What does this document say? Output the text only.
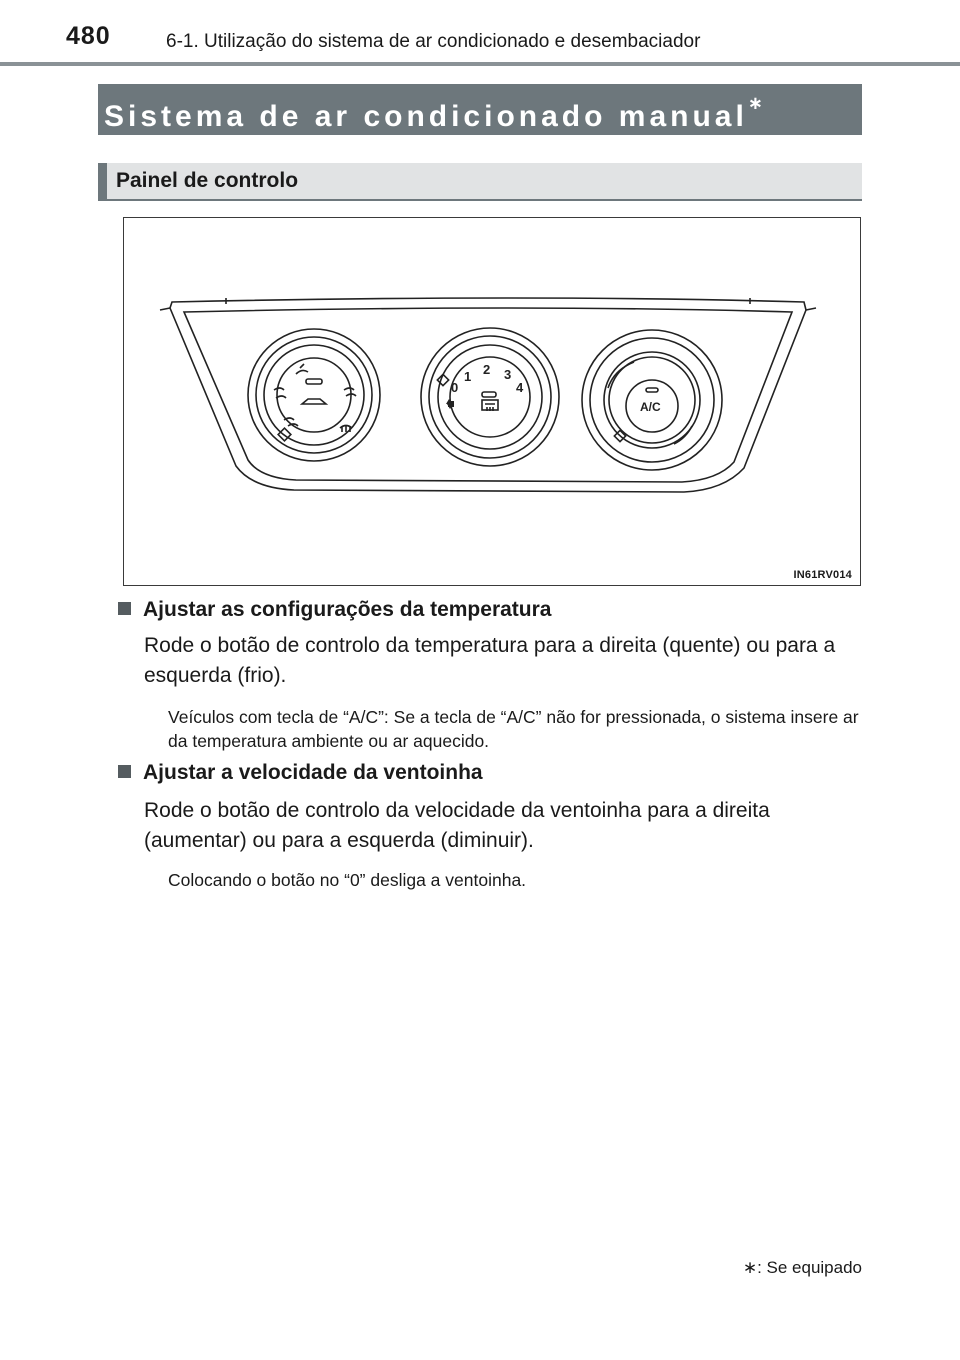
480	6-1. Utilização do sistema de ar condicionado e desembaciador
Sistema de ar condicionado manual∗
Painel de controlo
0
1 2 3
4
A/C
IN61RV014
Ajustar as configurações da temperatura
Rode o botão de controlo da temperatura para a direita (quente) ou para a esquerda (frio).
Veículos com tecla de “A/C”: Se a tecla de “A/C” não for pressionada, o sistema insere ar da temperatura ambiente ou ar aquecido.
Ajustar a velocidade da ventoinha
Rode o botão de controlo da velocidade da ventoinha para a direita (aumentar) ou para a esquerda (diminuir).
Colocando o botão no “0” desliga a ventoinha.
∗: Se equipado
